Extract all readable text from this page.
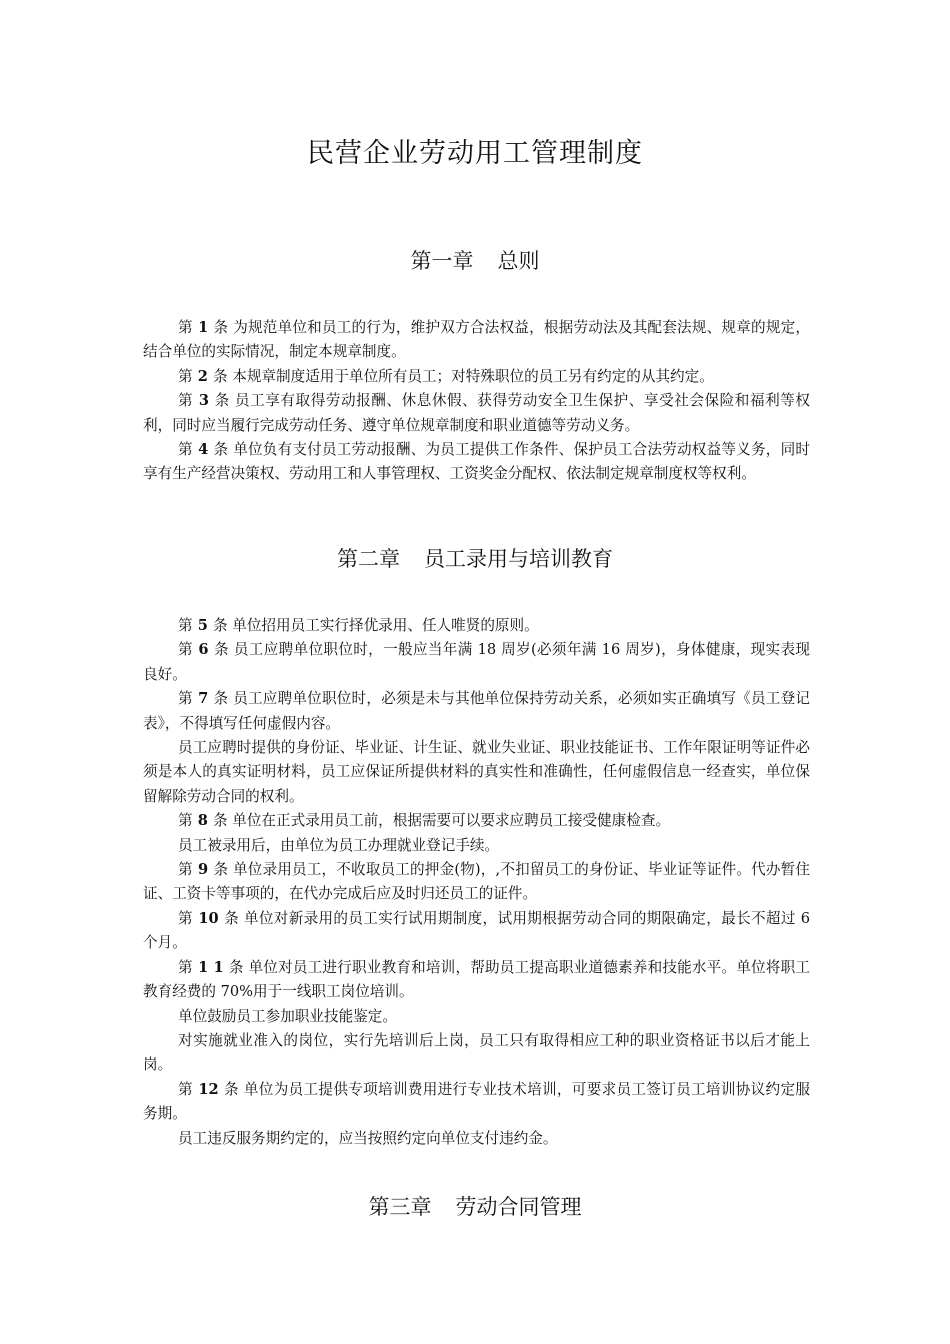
民营企业劳动用工管理制度
第一章 总则

第 1 条 为规范单位和员工的行为，维护双方合法权益，根据劳动法及其配套法规、规章的规定，结合单位的实际情况，制定本规章制度。

第 2 条 本规章制度适用于单位所有员工；对特殊职位的员工另有约定的从其约定。

第 3 条 员工享有取得劳动报酬、休息休假、获得劳动安全卫生保护、享受社会保险和福利等权利，同时应当履行完成劳动任务、遵守单位规章制度和职业道德等劳动义务。

第 4 条 单位负有支付员工劳动报酬、为员工提供工作条件、保护员工合法劳动权益等义务，同时享有生产经营决策权、劳动用工和人事管理权、工资奖金分配权、依法制定规章制度权等权利。

第二章 员工录用与培训教育

第 5 条 单位招用员工实行择优录用、任人唯贤的原则。

第 6 条 员工应聘单位职位时，一般应当年满 18 周岁(必须年满 16 周岁)，身体健康，现实表现良好。

第 7 条 员工应聘单位职位时，必须是未与其他单位保持劳动关系，必须如实正确填写《员工登记表》，不得填写任何虚假内容。

员工应聘时提供的身份证、毕业证、计生证、就业失业证、职业技能证书、工作年限证明等证件必须是本人的真实证明材料，员工应保证所提供材料的真实性和准确性，任何虚假信息一经查实，单位保留解除劳动合同的权利。

第 8 条 单位在正式录用员工前，根据需要可以要求应聘员工接受健康检查。

员工被录用后，由单位为员工办理就业登记手续。

第 9 条 单位录用员工，不收取员工的押金(物)，,不扣留员工的身份证、毕业证等证件。代办暂住证、工资卡等事项的，在代办完成后应及时归还员工的证件。

第 10 条 单位对新录用的员工实行试用期制度，试用期根据劳动合同的期限确定，最长不超过 6 个月。

第 1 1 条 单位对员工进行职业教育和培训，帮助员工提高职业道德素养和技能水平。单位将职工教育经费的 70%用于一线职工岗位培训。

单位鼓励员工参加职业技能鉴定。

对实施就业准入的岗位，实行先培训后上岗，员工只有取得相应工种的职业资格证书以后才能上岗。

第 12 条 单位为员工提供专项培训费用进行专业技术培训，可要求员工签订员工培训协议约定服务期。

员工违反服务期约定的，应当按照约定向单位支付违约金。

第三章 劳动合同管理
